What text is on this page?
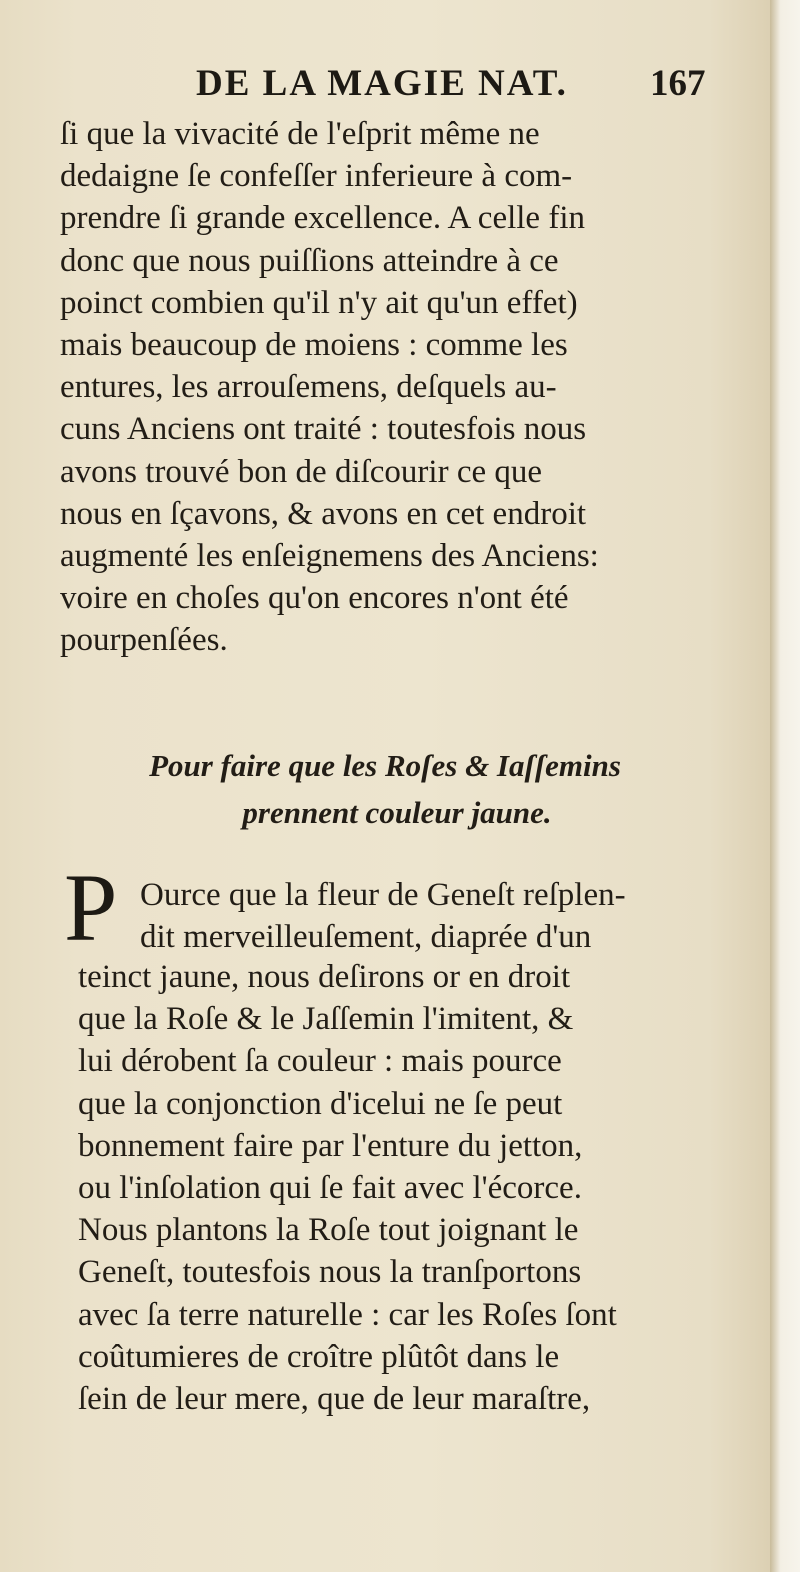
DE LA MAGIE NAT. 167
ſi que la vivacité de l'eſprit même ne
dedaigne ſe confeſſer inferieure à com-
prendre ſi grande excellence. A celle fin
donc que nous puiſſions atteindre à ce
poinct combien qu'il n'y ait qu'un effet)
mais beaucoup de moiens : comme les
entures, les arrouſemens, deſquels au-
cuns Anciens ont traité : toutesfois nous
avons trouvé bon de diſcourir ce que
nous en ſçavons, & avons en cet endroit
augmenté les enſeignemens des Anciens:
voire en choſes qu'on encores n'ont été
pourpenſées.
Pour faire que les Roſes & Iaſſemins
prennent couleur jaune.
P Ource que la fleur de Geneſt reſplen-
dit merveilleuſement, diaprée d'un
teinct jaune, nous deſirons or en droit
que la Roſe & le Jaſſemin l'imitent, &
lui dérobent ſa couleur : mais pource
que la conjonction d'icelui ne ſe peut
bonnement faire par l'enture du jetton,
ou l'inſolation qui ſe fait avec l'écorce.
Nous plantons la Roſe tout joignant le
Geneſt, toutesfois nous la tranſportons
avec ſa terre naturelle : car les Roſes ſont
coûtumieres de croître plûtôt dans le
ſein de leur mere, que de leur maraſtre,
